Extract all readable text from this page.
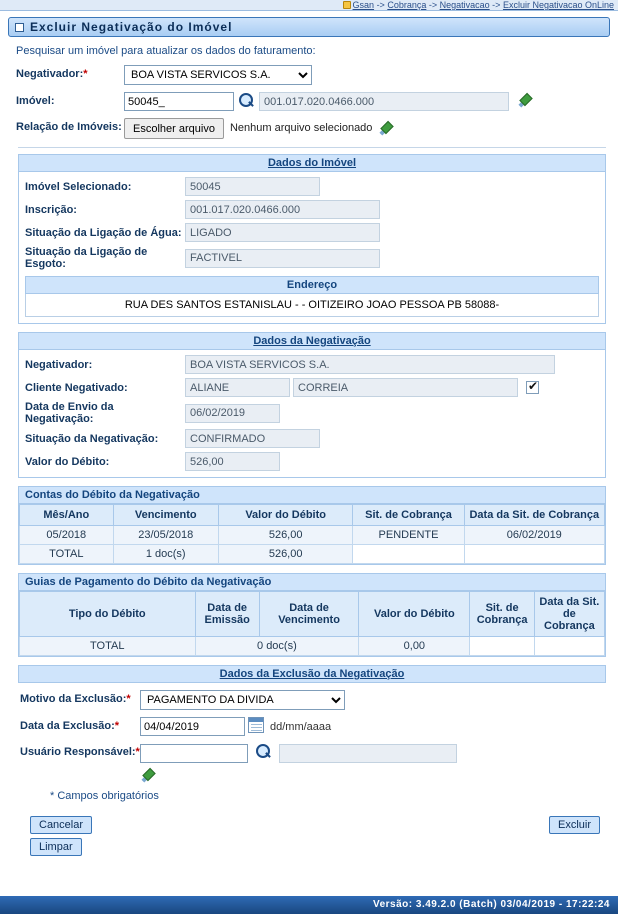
Gsan -> Cobrança -> Negativacao -> Excluir Negativacao OnLine
Excluir Negativação do Imóvel
Pesquisar um imóvel para atualizar os dados do faturamento:
Negativador:*
BOA VISTA SERVICOS S.A.
Imóvel:
50045_
001.017.020.0466.000
Relação de Imóveis:	Escolher arquivo	Nenhum arquivo selecionado
Dados do Imóvel
Imóvel Selecionado:
50045
Inscrição:
001.017.020.0466.000
Situação da Ligação de Água:
LIGADO
Situação da Ligação de Esgoto:
FACTIVEL
Endereço
RUA DES SANTOS ESTANISLAU - - OITIZEIRO JOAO PESSOA PB 58088-
Dados da Negativação
Negativador:
BOA VISTA SERVICOS S.A.
Cliente Negativado:
ALIANE
CORREIA
✔
Data de Envio da Negativação:
06/02/2019
Situação da Negativação:
CONFIRMADO
Valor do Débito:
526,00
Contas do Débito da Negativação
Mês/Ano	Vencimento	Valor do Débito	Sit. de Cobrança	Data da Sit. de Cobrança
05/2018	23/05/2018	526,00	PENDENTE	06/02/2019
TOTAL	1 doc(s)	526,00		
Guias de Pagamento do Débito da Negativação
Tipo do Débito	Data de Emissão	Data de Vencimento	Valor do Débito	Sit. de Cobrança	Data da Sit. de Cobrança
TOTAL	0 doc(s)		0,00		
Dados da Exclusão da Negativação
Motivo da Exclusão:*
PAGAMENTO DA DIVIDA
Data da Exclusão:*
04/04/2019	dd/mm/aaaa
Usuário Responsável:*

* Campos obrigatórios
Cancelar
Limpar
Excluir
Versão: 3.49.2.0 (Batch) 03/04/2019 - 17:22:24
